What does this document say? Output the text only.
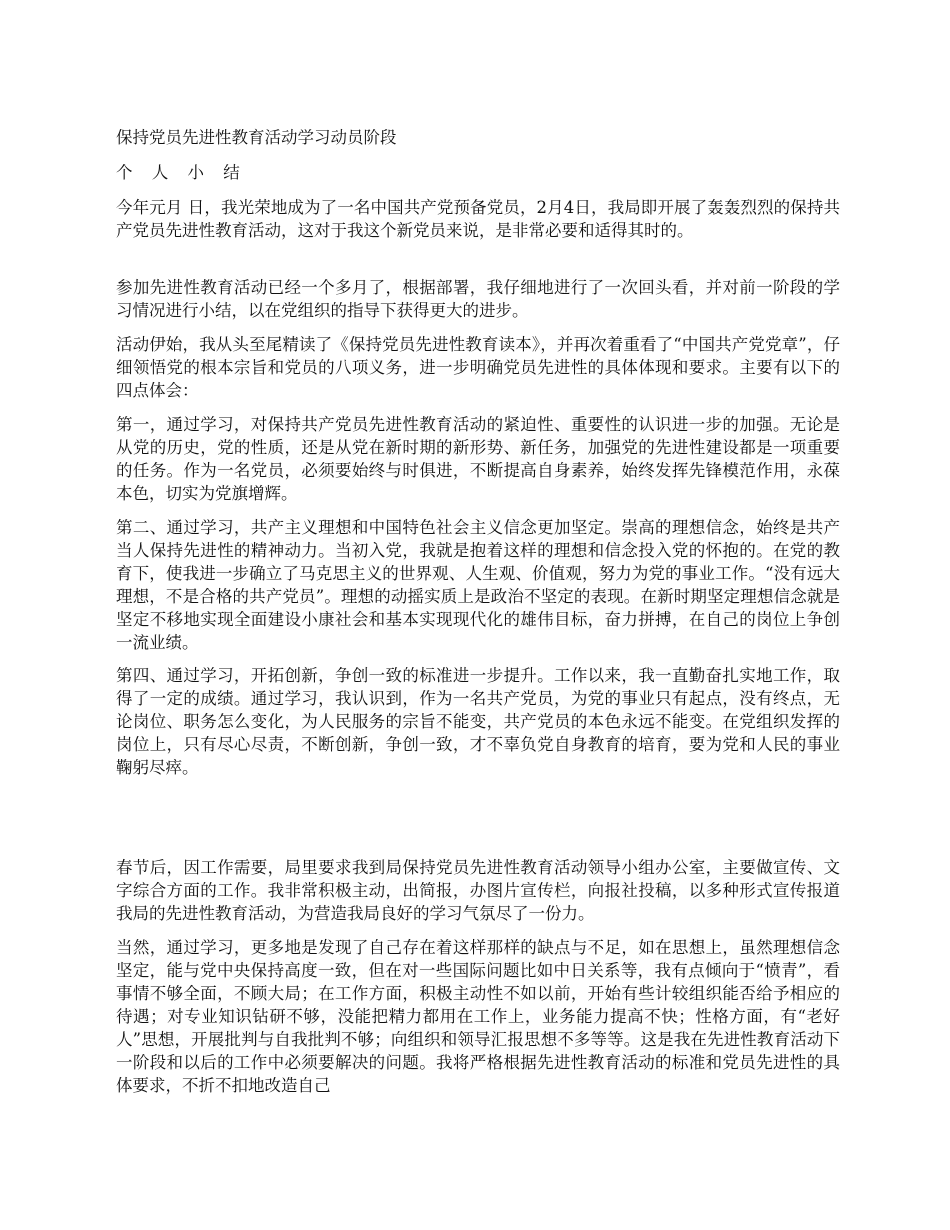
保持党员先进性教育活动学习动员阶段

个 人 小 结

今年元月 日，我光荣地成为了一名中国共产党预备党员，2月4日，我局即开展了轰轰烈烈的保持共产党员先进性教育活动，这对于我这个新党员来说，是非常必要和适得其时的。

参加先进性教育活动已经一个多月了，根据部署，我仔细地进行了一次回头看，并对前一阶段的学习情况进行小结，以在党组织的指导下获得更大的进步。

活动伊始，我从头至尾精读了《保持党员先进性教育读本》，并再次着重看了“中国共产党党章”，仔细领悟党的根本宗旨和党员的八项义务，进一步明确党员先进性的具体体现和要求。主要有以下的四点体会：

第一，通过学习，对保持共产党员先进性教育活动的紧迫性、重要性的认识进一步的加强。无论是从党的历史，党的性质，还是从党在新时期的新形势、新任务，加强党的先进性建设都是一项重要的任务。作为一名党员，必须要始终与时俱进，不断提高自身素养，始终发挥先锋模范作用，永葆 本色，切实为党旗增辉。

第二、通过学习，共产主义理想和中国特色社会主义信念更加坚定。崇高的理想信念，始终是共产当人保持先进性的精神动力。当初入党，我就是抱着这样的理想和信念投入党的怀抱的。在党的教育下，使我进一步确立了马克思主义的世界观、人生观、价值观，努力为党的事业工作。“没有远大理想，不是合格的共产党员”。理想的动摇实质上是政治不坚定的表现。在新时期坚定理想信念就是坚定不移地实现全面建设小康社会和基本实现现代化的雄伟目标，奋力拼搏，在自己的岗位上争创一流业绩。

第四、通过学习，开拓创新，争创一致的标准进一步提升。工作以来，我一直勤奋扎实地工作，取得了一定的成绩。通过学习，我认识到，作为一名共产党员，为党的事业只有起点，没有终点，无论岗位、职务怎么变化，为人民服务的宗旨不能变，共产党员的本色永远不能变。在党组织发挥的岗位上，只有尽心尽责，不断创新，争创一致，才不辜负党自身教育的培育，要为党和人民的事业鞠躬尽瘁。

春节后，因工作需要，局里要求我到局保持党员先进性教育活动领导小组办公室，主要做宣传、文字综合方面的工作。我非常积极主动，出简报，办图片宣传栏，向报社投稿，以多种形式宣传报道我局的先进性教育活动，为营造我局良好的学习气氛尽了一份力。

当然，通过学习，更多地是发现了自己存在着这样那样的缺点与不足，如在思想上，虽然理想信念坚定，能与党中央保持高度一致，但在对一些国际问题比如中日关系等，我有点倾向于“愤青”，看事情不够全面，不顾大局；在工作方面，积极主动性不如以前，开始有些计较组织能否给予相应的待遇；对专业知识钻研不够，没能把精力都用在工作上，业务能力提高不快；性格方面，有“老好人”思想，开展批判与自我批判不够；向组织和领导汇报思想不多等等。这是我在先进性教育活动下一阶段和以后的工作中必须要解决的问题。我将严格根据先进性教育活动的标准和党员先进性的具体要求，不折不扣地改造自己
